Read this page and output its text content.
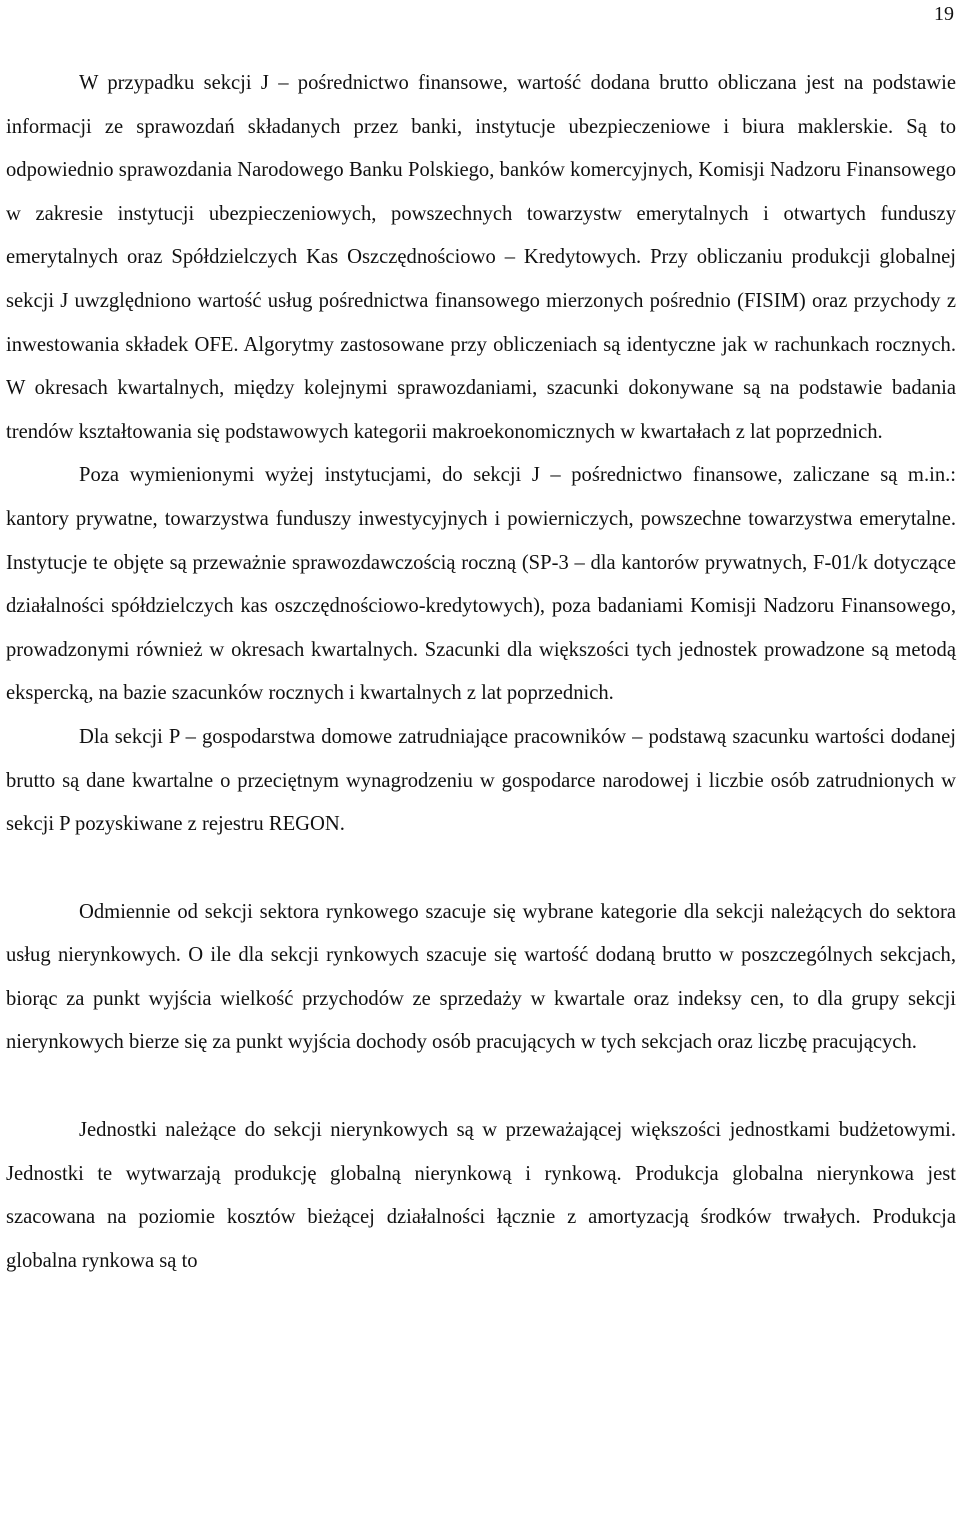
19

W przypadku sekcji J – pośrednictwo finansowe, wartość dodana brutto obliczana jest na podstawie informacji ze sprawozdań składanych przez banki, instytucje ubezpieczeniowe i biura maklerskie. Są to odpowiednio sprawozdania Narodowego Banku Polskiego, banków komercyjnych, Komisji Nadzoru Finansowego w zakresie instytucji ubezpieczeniowych, powszechnych towarzystw emerytalnych i otwartych funduszy emerytalnych oraz Spółdzielczych Kas Oszczędnościowo – Kredytowych. Przy obliczaniu produkcji globalnej sekcji J uwzględniono wartość usług pośrednictwa finansowego mierzonych pośrednio (FISIM) oraz przychody z inwestowania składek OFE. Algorytmy zastosowane przy obliczeniach są identyczne jak w rachunkach rocznych. W okresach kwartalnych, między kolejnymi sprawozdaniami, szacunki dokonywane są na podstawie badania trendów kształtowania się podstawowych kategorii makroekonomicznych w kwartałach z lat poprzednich.

Poza wymienionymi wyżej instytucjami, do sekcji J – pośrednictwo finansowe, zaliczane są m.in.: kantory prywatne, towarzystwa funduszy inwestycyjnych i powierniczych, powszechne towarzystwa emerytalne. Instytucje te objęte są przeważnie sprawozdawczością roczną (SP-3 – dla kantorów prywatnych, F-01/k dotyczące działalności spółdzielczych kas oszczędnościowo-kredytowych), poza badaniami Komisji Nadzoru Finansowego, prowadzonymi również w okresach kwartalnych. Szacunki dla większości tych jednostek prowadzone są metodą ekspercką, na bazie szacunków rocznych i kwartalnych z lat poprzednich.

Dla sekcji P – gospodarstwa domowe zatrudniające pracowników – podstawą szacunku wartości dodanej brutto są dane kwartalne o przeciętnym wynagrodzeniu w gospodarce narodowej i liczbie osób zatrudnionych w sekcji P pozyskiwane z rejestru REGON.

Odmiennie od sekcji sektora rynkowego szacuje się wybrane kategorie dla sekcji należących do sektora usług nierynkowych. O ile dla sekcji rynkowych szacuje się wartość dodaną brutto w poszczególnych sekcjach, biorąc za punkt wyjścia wielkość przychodów ze sprzedaży w kwartale oraz indeksy cen, to dla grupy sekcji nierynkowych bierze się za punkt wyjścia dochody osób pracujących w tych sekcjach oraz liczbę pracujących.

Jednostki należące do sekcji nierynkowych są w przeważającej większości jednostkami budżetowymi. Jednostki te wytwarzają produkcję globalną nierynkową i rynkową. Produkcja globalna nierynkowa jest szacowana na poziomie kosztów bieżącej działalności łącznie z amortyzacją środków trwałych. Produkcja globalna rynkowa są to
